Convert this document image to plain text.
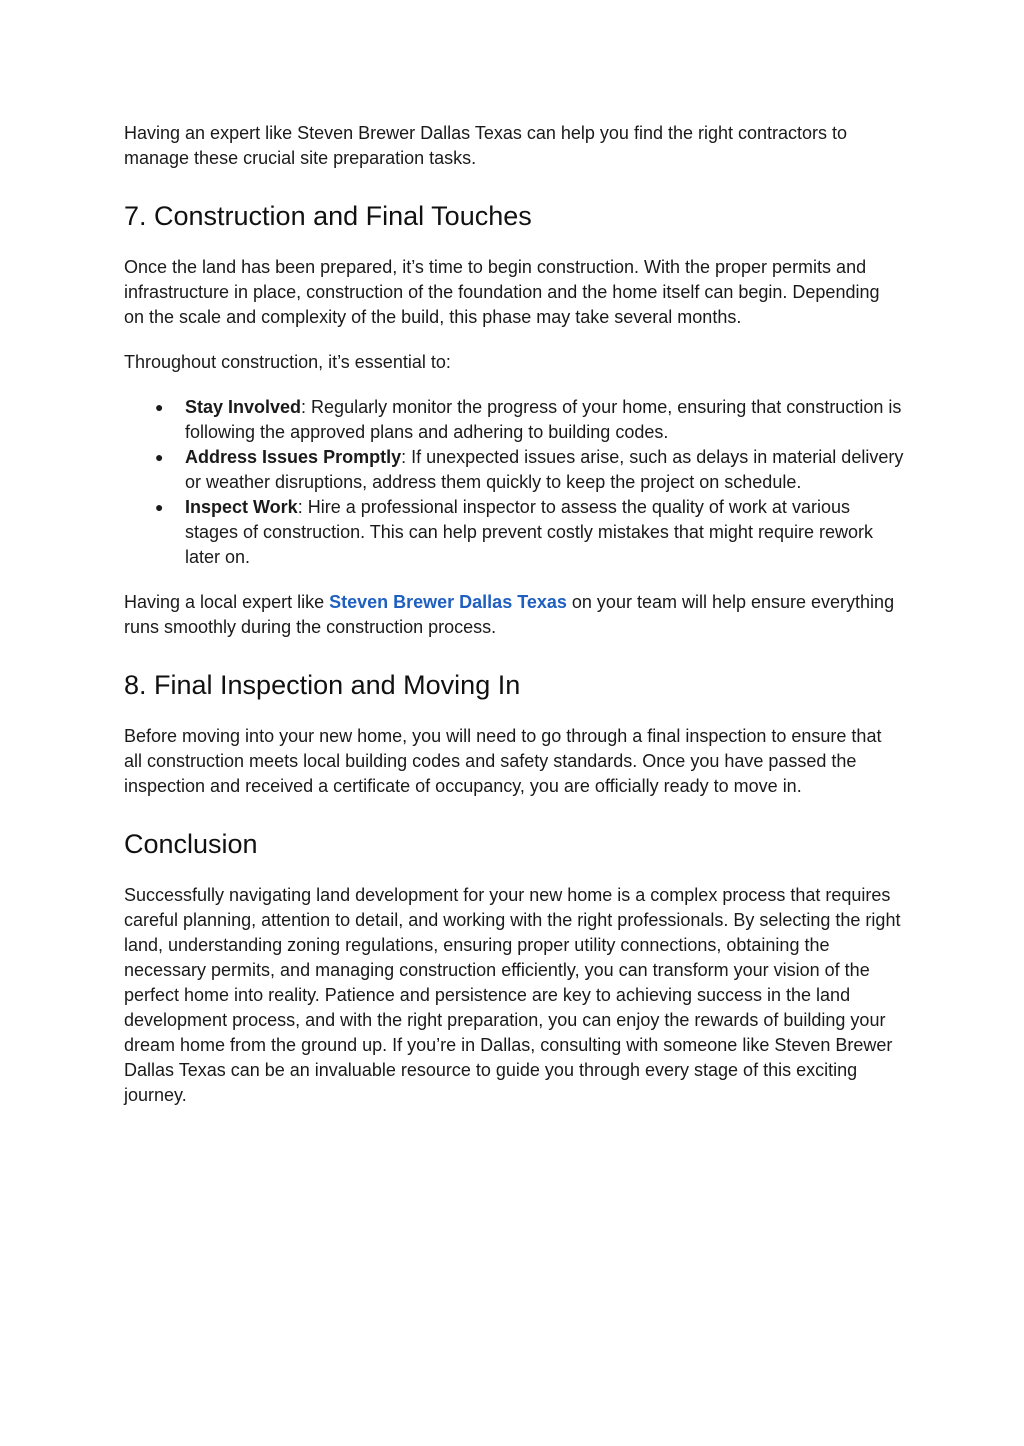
Having an expert like Steven Brewer Dallas Texas can help you find the right contractors to manage these crucial site preparation tasks.

7. Construction and Final Touches

Once the land has been prepared, it’s time to begin construction. With the proper permits and infrastructure in place, construction of the foundation and the home itself can begin. Depending on the scale and complexity of the build, this phase may take several months.

Throughout construction, it’s essential to:

● Stay Involved: Regularly monitor the progress of your home, ensuring that construction is following the approved plans and adhering to building codes.
● Address Issues Promptly: If unexpected issues arise, such as delays in material delivery or weather disruptions, address them quickly to keep the project on schedule.
● Inspect Work: Hire a professional inspector to assess the quality of work at various stages of construction. This can help prevent costly mistakes that might require rework later on.

Having a local expert like Steven Brewer Dallas Texas on your team will help ensure everything runs smoothly during the construction process.

8. Final Inspection and Moving In

Before moving into your new home, you will need to go through a final inspection to ensure that all construction meets local building codes and safety standards. Once you have passed the inspection and received a certificate of occupancy, you are officially ready to move in.

Conclusion

Successfully navigating land development for your new home is a complex process that requires careful planning, attention to detail, and working with the right professionals. By selecting the right land, understanding zoning regulations, ensuring proper utility connections, obtaining the necessary permits, and managing construction efficiently, you can transform your vision of the perfect home into reality. Patience and persistence are key to achieving success in the land development process, and with the right preparation, you can enjoy the rewards of building your dream home from the ground up. If you’re in Dallas, consulting with someone like Steven Brewer Dallas Texas can be an invaluable resource to guide you through every stage of this exciting journey.
